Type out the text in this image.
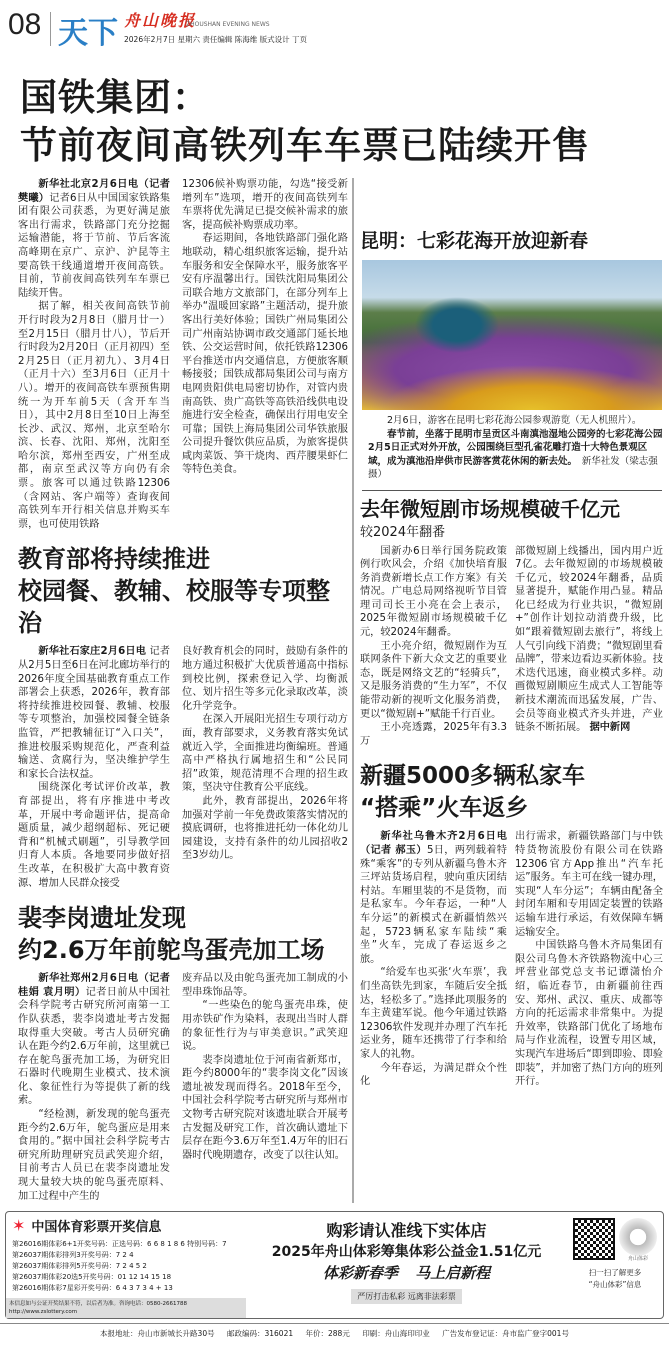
08 天下 舟山晚报
ZHOUSHAN EVENING NEWS
2026年2月7日 星期六 责任编辑 陈海维 版式设计 丁页
国铁集团：
节前夜间高铁列车车票已陆续开售

新华社北京2月6日电（记者樊曦）记者6日从中国国家铁路集团有限公司获悉，为更好满足旅客出行需求，铁路部门充分挖掘运输潜能，将于节前、节后客流高峰期在京广、京沪、沪昆等主要高铁干线通道增开夜间高铁。目前，节前夜间高铁列车车票已陆续开售。

据了解，相关夜间高铁节前开行时段为2月8日（腊月廿一）至2月15日（腊月廿八），节后开行时段为2月20日（正月初四）至2月25日（正月初九）、3月4日（正月十六）至3月6日（正月十八）。增开的夜间高铁车票预售期统一为开车前5天（含开车当日），其中2月8日至10日上海至长沙、武汉、郑州，北京至哈尔滨、长春、沈阳、郑州，沈阳至哈尔滨，郑州至西安，广州至成都，南京至武汉等方向仍有余票。旅客可以通过铁路12306（含网站、客户端等）查询夜间高铁列车开行相关信息并购买车票，也可使用铁路

12306候补购票功能，勾选“接受新增列车”选项，增开的夜间高铁列车车票将优先满足已提交候补需求的旅客，提高候补购票成功率。

春运期间，各地铁路部门强化路地联动，精心组织旅客运输，提升站车服务和安全保障水平，服务旅客平安有序温馨出行。国铁沈阳局集团公司联合地方文旅部门，在部分列车上举办“温暖回家路”主题活动，提升旅客出行美好体验；国铁广州局集团公司广州南站协调市政交通部门延长地铁、公交运营时间，依托铁路12306平台推送市内交通信息，方便旅客顺畅接驳；国铁成都局集团公司与南方电网贵阳供电局密切协作，对管内贵南高铁、贵广高铁等高铁沿线供电设施进行安全检查，确保出行用电安全可靠；国铁上海局集团公司华铁旅服公司提升餐饮供应品质，为旅客提供咸肉菜饭、笋干烧肉、西芹腰果虾仁等特色美食。

教育部将持续推进
校园餐、教辅、校服等专项整治

新华社石家庄2月6日电 记者从2月5日至6日在河北廊坊举行的2026年度全国基础教育重点工作部署会上获悉，2026年，教育部将持续推进校园餐、教辅、校服等专项整治，加强校园餐全链条监管，严把教辅征订“入口关”，推进校服采购规范化，严查利益输送、贪腐行为，坚决维护学生和家长合法权益。

围绕深化考试评价改革，教育部提出，将有序推进中考改革，开展中考命题评估，提高命题质量，减少超纲超标、死记硬背和“机械式刷题”，引导教学回归育人本质。各地要同步做好招生改革，在积极扩大高中教育资源、增加人民群众接受

良好教育机会的同时，鼓励有条件的地方通过积极扩大优质普通高中指标到校比例，探索登记入学、均衡派位、划片招生等多元化录取改革，淡化升学竞争。

在深入开展阳光招生专项行动方面，教育部要求，义务教育落实免试就近入学，全面推进均衡编班。普通高中严格执行属地招生和“公民同招”政策，规范清理不合理的招生政策，坚决守住教育公平底线。

此外，教育部提出，2026年将加强对学前一年免费政策落实情况的摸底调研，也将推进托幼一体化幼儿园建设，支持有条件的幼儿园招收2至3岁幼儿。

裴李岗遗址发现
约2.6万年前鸵鸟蛋壳加工场

新华社郑州2月6日电（记者桂娟 袁月明）记者日前从中国社会科学院考古研究所河南第一工作队获悉，裴李岗遗址考古发掘取得重大突破。考古人员研究确认在距今约2.6万年前，这里就已存在鸵鸟蛋壳加工场，为研究旧石器时代晚期生业模式、技术演化、象征性行为等提供了新的线索。

“经检测，新发现的鸵鸟蛋壳距今约2.6万年，鸵鸟蛋应是用来食用的。”据中国社会科学院考古研究所助理研究员武笑迎介绍，目前考古人员已在裴李岗遗址发现大量较大块的鸵鸟蛋壳原料、加工过程中产生的

废弃品以及由鸵鸟蛋壳加工制成的小型串珠饰品等。

“一些染色的鸵鸟蛋壳串珠，使用赤铁矿作为染料，表现出当时人群的象征性行为与审美意识。”武笑迎说。

裴李岗遗址位于河南省新郑市，距今约8000年的“裴李岗文化”因该遗址被发现而得名。2018年至今，中国社会科学院考古研究所与郑州市文物考古研究院对该遗址联合开展考古发掘及研究工作，首次确认遗址下层存在距今3.6万年至1.4万年的旧石器时代晚期遗存，改变了以往认知。

昆明：七彩花海开放迎新春

2月6日，游客在昆明七彩花海公园参观游览（无人机照片）。

春节前，坐落于昆明市呈贡区斗南滇池湿地公园旁的七彩花海公园2月5日正式对外开放，公园围绕巨型孔雀花雕打造十大特色景观区域，成为滇池沿岸供市民游客赏花休闲的新去处。　 新华社发（梁志强 摄）

去年微短剧市场规模破千亿元
较2024年翻番

国新办6日举行国务院政策例行吹风会，介绍《加快培育服务消费新增长点工作方案》有关情况。广电总局网络视听节目管理司司长王小亮在会上表示，2025年微短剧市场规模破千亿元，较2024年翻番。

王小亮介绍，微短剧作为互联网条件下新大众文艺的重要业态，既是网络文艺的“轻骑兵”，又是服务消费的“生力军”，不仅能带动新的视听文化服务消费，更以“微短剧+”赋能千行百业。

王小亮透露，2025年有3.3万

部微短剧上线播出，国内用户近7亿。去年微短剧的市场规模破千亿元，较2024年翻番，品质显著提升，赋能作用凸显。精品化已经成为行业共识，“微短剧+”创作计划拉动消费升级，比如“跟着微短剧去旅行”，将线上人气引向线下消费；“微短剧里看品牌”，带来边看边买新体验。技术迭代迅速，商业模式多样。动画微短剧顺应生成式人工智能等新技术潮流而迅猛发展，广告、会员等商业模式齐头并进，产业链条不断拓展。 据中新网

新疆5000多辆私家车
“搭乘”火车返乡

新华社乌鲁木齐2月6日电（记者 郝玉）5日，两列载着特殊“乘客”的专列从新疆乌鲁木齐三坪站货场启程，驶向重庆团结村站。车厢里装的不是货物，而是私家车。今年春运，一种“人车分运”的新模式在新疆悄然兴起，5723辆私家车陆续“乘坐”火车，完成了春运返乡之旅。

“给爱车也买张‘火车票’，我们坐高铁先到家，车随后安全抵达，轻松多了。”选择此项服务的车主黄建军说。他今年通过铁路12306软件发现并办理了汽车托运业务，随车还携带了行李和给家人的礼物。

今年春运，为满足群众个性化

出行需求，新疆铁路部门与中铁特货物流股份有限公司在铁路12306官方App推出“汽车托运”服务。车主可在线一键办理，实现“人车分运”；车辆由配备全封闭车厢和专用固定装置的铁路运输车进行承运，有效保障车辆运输安全。

中国铁路乌鲁木齐局集团有限公司乌鲁木齐铁路物流中心三坪营业部党总支书记谭潇怡介绍，临近春节，由新疆前往西安、郑州、武汉、重庆、成都等方向的托运需求非常集中。为提升效率，铁路部门优化了场地布局与作业流程，设置专用区域，实现汽车进场后“即到即验、即验即装”，并加密了热门方向的班列开行。

✶ 中国体育彩票开奖信息
第26016期体彩6+1开奖号码：正选号码：6 6 8 1 8 6 特别号码：7
第26037期体彩排列3开奖号码：7 2 4
第26037期体彩排列5开奖号码：7 2 4 5 2
第26037期体彩20选5开奖号码：01 12 14 15 18
第26016期体彩7星彩开奖号码：6 4 3 7 3 4 + 13
本信息如与公证开奖结果不符，以后者为准。咨询电话：0580-2661788 http://www.zslottery.com
购彩请认准线下实体店
2025年舟山体彩筹集体彩公益金1.51亿元
体彩新春季 马上启新程
严厉打击私彩 远离非法彩票
舟山体彩
扫一扫了解更多
“舟山体彩”信息
本报地址：舟山市新城长升路30号 邮政编码：316021 年价：288元 印刷：舟山海印印业 广告发布登记证：舟市监广登字001号
